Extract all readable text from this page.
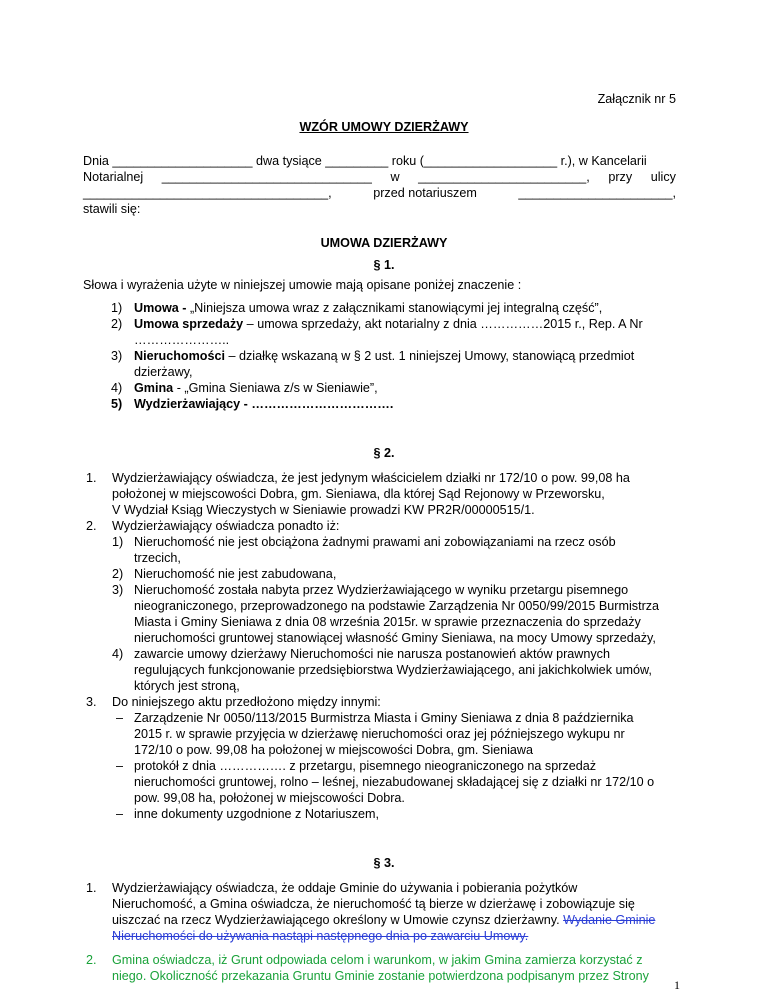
Załącznik nr 5
WZÓR UMOWY DZIERŻAWY
Dnia ____________________ dwa tysiące _________ roku (___________________ r.), w Kancelarii
Notarialnej ______________________________ w ________________________, przy ulicy
___________________________________,	przed notariuszem	______________________,
stawili się:
UMOWA DZIERŻAWY
§ 1.
Słowa i wyrażenia użyte w niniejszej umowie mają opisane poniżej znaczenie :
1) Umowa - „Niniejsza umowa wraz z załącznikami stanowiącymi jej integralną część”,
2) Umowa sprzedaży – umowa sprzedaży, akt notarialny z dnia ……………2015 r., Rep. A Nr
…………………..
3) Nieruchomości – działkę wskazaną w § 2 ust. 1 niniejszej Umowy, stanowiącą przedmiot
dzierżawy,
4) Gmina - „Gmina Sieniawa z/s w Sieniawie”,
5) Wydzierżawiający - …………………………….
§ 2.
1. Wydzierżawiający oświadcza, że jest jedynym właścicielem działki nr 172/10 o pow. 99,08 ha
położonej w miejscowości Dobra, gm. Sieniawa, dla której Sąd Rejonowy w Przeworsku,
V Wydział Ksiąg Wieczystych w Sieniawie prowadzi KW PR2R/00000515/1.
2. Wydzierżawiający oświadcza ponadto iż:
1) Nieruchomość nie jest obciążona żadnymi prawami ani zobowiązaniami na rzecz osób
trzecich,
2) Nieruchomość nie jest zabudowana,
3) Nieruchomość została nabyta przez Wydzierżawiającego w wyniku przetargu pisemnego
nieograniczonego, przeprowadzonego na podstawie Zarządzenia Nr 0050/99/2015 Burmistrza
Miasta i Gminy Sieniawa z dnia 08 września 2015r. w sprawie przeznaczenia do sprzedaży
nieruchomości gruntowej stanowiącej własność Gminy Sieniawa, na mocy Umowy sprzedaży,
4) zawarcie umowy dzierżawy Nieruchomości nie narusza postanowień aktów prawnych
regulujących funkcjonowanie przedsiębiorstwa Wydzierżawiającego, ani jakichkolwiek umów,
których jest stroną,
3. Do niniejszego aktu przedłożono między innymi:
– Zarządzenie Nr 0050/113/2015 Burmistrza Miasta i Gminy Sieniawa z dnia 8 października
2015 r. w sprawie przyjęcia w dzierżawę nieruchomości oraz jej późniejszego wykupu nr
172/10 o pow. 99,08 ha położonej w miejscowości Dobra, gm. Sieniawa
– protokół z dnia ……………. z przetargu, pisemnego nieograniczonego na sprzedaż
nieruchomości gruntowej, rolno – leśnej, niezabudowanej składającej się z działki nr 172/10 o
pow. 99,08 ha, położonej w miejscowości Dobra.
– inne dokumenty uzgodnione z Notariuszem,
§ 3.
1. Wydzierżawiający oświadcza, że oddaje Gminie do używania i pobierania pożytków
Nieruchomość, a Gmina oświadcza, że nieruchomość tą bierze w dzierżawę i zobowiązuje się
uiszczać na rzecz Wydzierżawiającego określony w Umowie czynsz dzierżawny. Wydanie Gminie
Nieruchomości do używania nastąpi następnego dnia po zawarciu Umowy.
2. Gmina oświadcza, iż Grunt odpowiada celom i warunkom, w jakim Gmina zamierza korzystać z
niego. Okoliczność przekazania Gruntu Gminie zostanie potwierdzona podpisanym przez Strony
1
